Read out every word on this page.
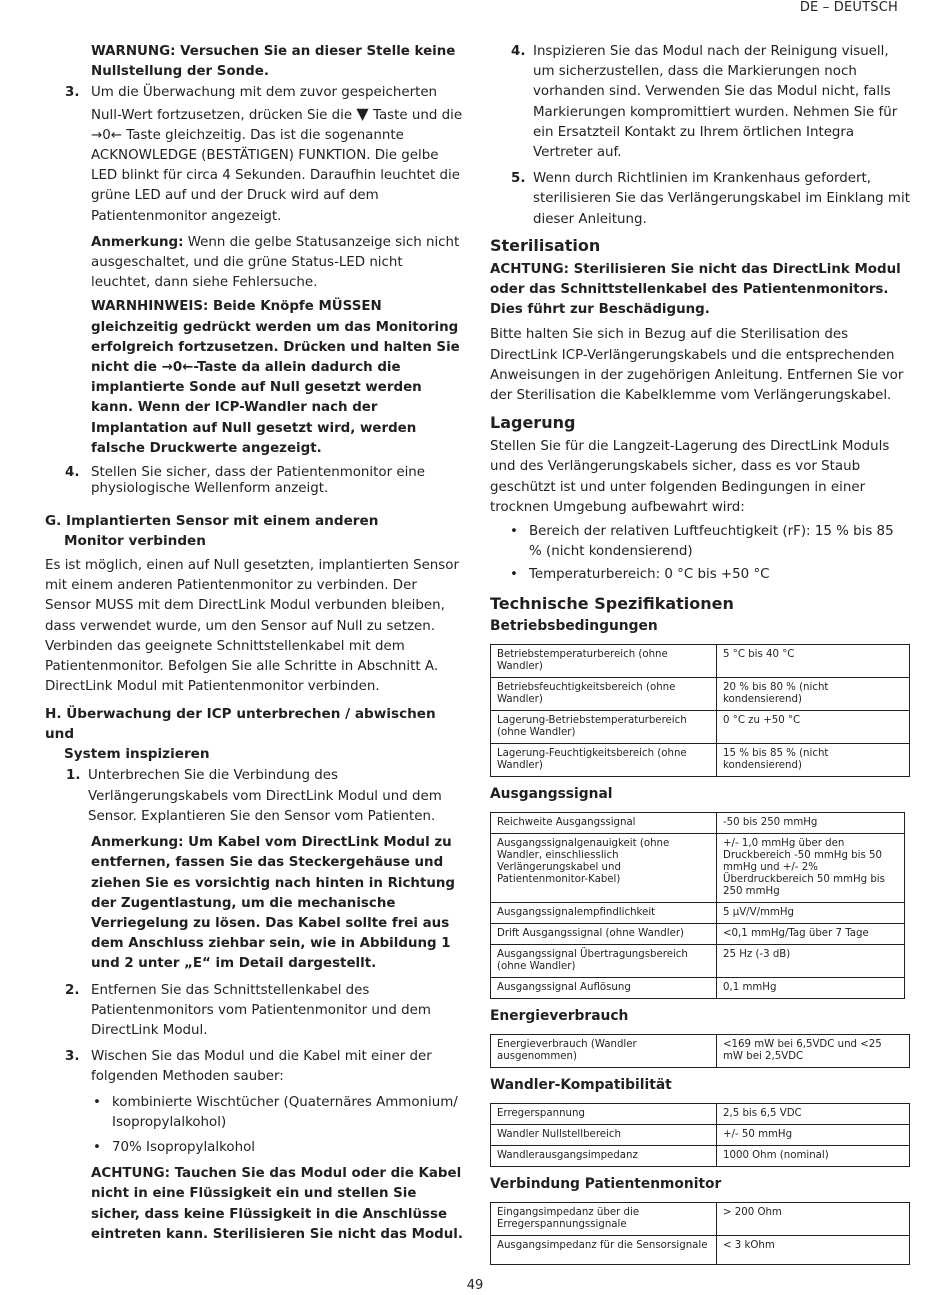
DE – DEUTSCH
WARNUNG: Versuchen Sie an dieser Stelle keine Nullstellung der Sonde.
3. Um die Überwachung mit dem zuvor gespeicherten Null-Wert fortzusetzen, drücken Sie die ▼ Taste und die →0← Taste gleichzeitig. Das ist die sogenannte ACKNOWLEDGE (BESTÄTIGEN) FUNKTION. Die gelbe LED blinkt für circa 4 Sekunden. Daraufhin leuchtet die grüne LED auf und der Druck wird auf dem Patientenmonitor angezeigt.
Anmerkung: Wenn die gelbe Statusanzeige sich nicht ausgeschaltet, und die grüne Status-LED nicht leuchtet, dann siehe Fehlersuche.
WARNHINWEIS: Beide Knöpfe MÜSSEN gleichzeitig gedrückt werden um das Monitoring erfolgreich fortzusetzen. Drücken und halten Sie nicht die →0←-Taste da allein dadurch die implantierte Sonde auf Null gesetzt werden kann. Wenn der ICP-Wandler nach der Implantation auf Null gesetzt wird, werden falsche Druckwerte angezeigt.
4. Stellen Sie sicher, dass der Patientenmonitor eine physiologische Wellenform anzeigt.
G. Implantierten Sensor mit einem anderen
Monitor verbinden
Es ist möglich, einen auf Null gesetzten, implantierten Sensor mit einem anderen Patientenmonitor zu verbinden. Der Sensor MUSS mit dem DirectLink Modul verbunden bleiben, dass verwendet wurde, um den Sensor auf Null zu setzen. Verbinden das geeignete Schnittstellenkabel mit dem Patientenmonitor. Befolgen Sie alle Schritte in Abschnitt A. DirectLink Modul mit Patientenmonitor verbinden.
H. Überwachung der ICP unterbrechen / abwischen und
System inspizieren
1. Unterbrechen Sie die Verbindung des Verlängerungskabels vom DirectLink Modul und dem Sensor. Explantieren Sie den Sensor vom Patienten.
Anmerkung: Um Kabel vom DirectLink Modul zu entfernen, fassen Sie das Steckergehäuse und ziehen Sie es vorsichtig nach hinten in Richtung der Zugentlastung, um die mechanische Verriegelung zu lösen. Das Kabel sollte frei aus dem Anschluss ziehbar sein, wie in Abbildung 1 und 2 unter „E“ im Detail dargestellt.
2. Entfernen Sie das Schnittstellenkabel des Patientenmonitors vom Patientenmonitor und dem DirectLink Modul.
3. Wischen Sie das Modul und die Kabel mit einer der folgenden Methoden sauber:
• kombinierte Wischtücher (Quaternäres Ammonium/ Isopropylalkohol)
• 70% Isopropylalkohol
ACHTUNG: Tauchen Sie das Modul oder die Kabel nicht in eine Flüssigkeit ein und stellen Sie sicher, dass keine Flüssigkeit in die Anschlüsse eintreten kann. Sterilisieren Sie nicht das Modul.
4. Inspizieren Sie das Modul nach der Reinigung visuell, um sicherzustellen, dass die Markierungen noch vorhanden sind. Verwenden Sie das Modul nicht, falls Markierungen kompromittiert wurden. Nehmen Sie für ein Ersatzteil Kontakt zu Ihrem örtlichen Integra Vertreter auf.
5. Wenn durch Richtlinien im Krankenhaus gefordert, sterilisieren Sie das Verlängerungskabel im Einklang mit dieser Anleitung.
Sterilisation
ACHTUNG: Sterilisieren Sie nicht das DirectLink Modul oder das Schnittstellenkabel des Patientenmonitors. Dies führt zur Beschädigung.
Bitte halten Sie sich in Bezug auf die Sterilisation des DirectLink ICP-Verlängerungskabels und die entsprechenden Anweisungen in der zugehörigen Anleitung. Entfernen Sie vor der Sterilisation die Kabelklemme vom Verlängerungskabel.
Lagerung
Stellen Sie für die Langzeit-Lagerung des DirectLink Moduls und des Verlängerungskabels sicher, dass es vor Staub geschützt ist und unter folgenden Bedingungen in einer trocknen Umgebung aufbewahrt wird:
• Bereich der relativen Luftfeuchtigkeit (rF): 15 % bis 85 % (nicht kondensierend)
• Temperaturbereich: 0 °C bis +50 °C
Technische Spezifikationen
Betriebsbedingungen
Betriebstemperaturbereich (ohne Wandler)	5 °C bis 40 °C
Betriebsfeuchtigkeitsbereich (ohne Wandler)	20 % bis 80 % (nicht kondensierend)
Lagerung-Betriebstemperaturbereich (ohne Wandler)	0 °C zu +50 °C
Lagerung-Feuchtigkeitsbereich (ohne Wandler)	15 % bis 85 % (nicht kondensierend)
Ausgangssignal
Reichweite Ausgangssignal	-50 bis 250 mmHg
Ausgangssignalgenauigkeit (ohne Wandler, einschliesslich Verlängerungskabel und Patientenmonitor-Kabel)	+/- 1,0 mmHg über den Druckbereich -50 mmHg bis 50 mmHg und +/- 2% Überdruckbereich 50 mmHg bis 250 mmHg
Ausgangssignalempfindlichkeit	5 µV/V/mmHg
Drift Ausgangssignal (ohne Wandler)	<0,1 mmHg/Tag über 7 Tage
Ausgangssignal Übertragungsbereich (ohne Wandler)	25 Hz (-3 dB)
Ausgangssignal Auflösung	0,1 mmHg
Energieverbrauch
Energieverbrauch (Wandler ausgenommen)	<169 mW bei 6,5VDC und <25 mW bei 2,5VDC
Wandler-Kompatibilität
Erregerspannung	2,5 bis 6,5 VDC
Wandler Nullstellbereich	+/- 50 mmHg
Wandlerausgangsimpedanz	1000 Ohm (nominal)
Verbindung Patientenmonitor
Eingangsimpedanz über die Erregerspannungssignale	> 200 Ohm
Ausgangsimpedanz für die Sensorsignale	< 3 kOhm
49
